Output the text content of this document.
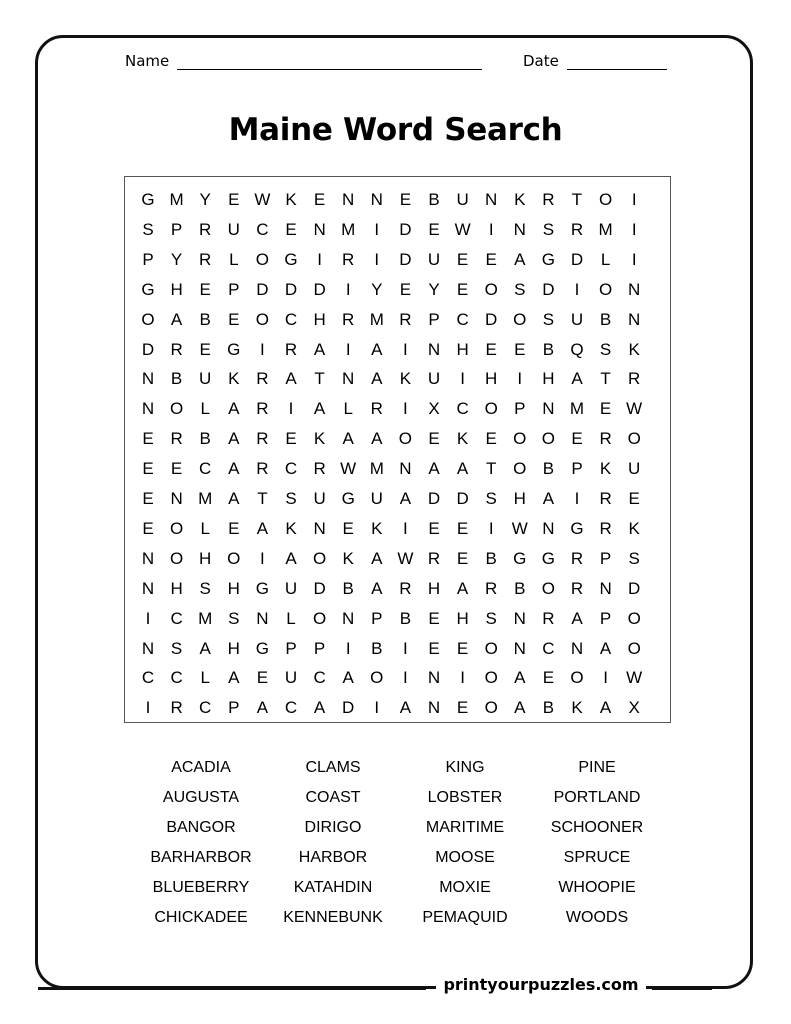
Name	Date
Maine Word Search
G M Y	E W K	E N N E	B U N K R	T O	I
S	P R U C E N M	I	D E W	I	N S R M	I
P	Y R	L	O G	I	R	I	D U E	E	A G D	L	I
G H E	P D D D	I	Y	E	Y	E O S D	I	O N
O A	B	E O C H R M R P C D O S U B N
D R E G	I	R A	I	A	I	N H E	E	B Q S	K
N B U K R A	T	N A	K U	I	H	I	H A	T	R
N O	L	A R	I	A	L	R	I	X C O P N M E W
E R B	A R E	K	A	A O E	K	E O O E R O
E	E C A R C R W M N A	A	T O B	P	K U
E N M A	T	S U G U A D D S H A	I	R E
E O	L	E	A	K N E	K	I	E	E	I	W N G R K
N O H O	I	A O K	A W R E	B G G R P	S
N H S H G U D B	A R H A R B O R N D
I	C M S N	L	O N P	B	E H S N R A	P O
N S	A H G P	P	I	B	I	E	E O N C N A O
C C	L	A	E U C A O	I	N	I	O A	E O	I	W
I	R C P	A C A D	I	A N E O A	B	K	A	X
ACADIA	CLAMS	KING	PINE
AUGUSTA	COAST	LOBSTER	PORTLAND
BANGOR	DIRIGO	MARITIME	SCHOONER
BARHARBOR	HARBOR	MOOSE	SPRUCE
BLUEBERRY	KATAHDIN	MOXIE	WHOOPIE
CHICKADEE	KENNEBUNK	PEMAQUID	WOODS
printyourpuzzles.com
